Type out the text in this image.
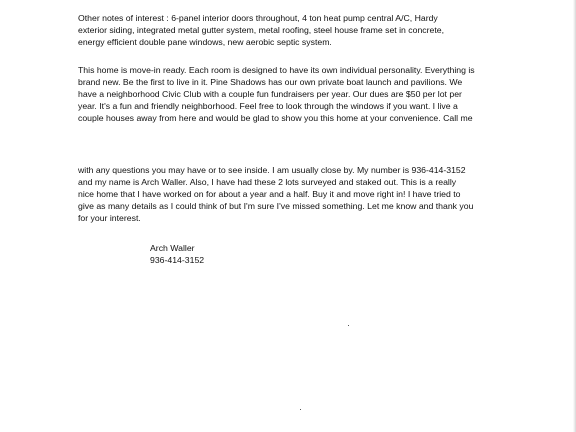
Other notes of interest : 6-panel interior doors throughout, 4 ton heat pump central A/C, Hardy
exterior siding, integrated metal gutter system, metal roofing, steel house frame set in concrete,
energy efficient double pane windows, new aerobic septic system.

This home is move-in ready. Each room is designed to have its own individual personality. Everything is
brand new. Be the first to live in it. Pine Shadows has our own private boat launch and pavilions. We
have a neighborhood Civic Club with a couple fun fundraisers per year. Our dues are $50 per lot per
year. It's a fun and friendly neighborhood. Feel free to look through the windows if you want. I live a
couple houses away from here and would be glad to show you this home at your convenience. Call me

with any questions you may have or to see inside. I am usually close by. My number is 936-414-3152
and my name is Arch Waller. Also, I have had these 2 lots surveyed and staked out. This is a really
nice home that I have worked on for about a year and a half. Buy it and move right in! I have tried to
give as many details as I could think of but I'm sure I've missed something. Let me know and thank you
for your interest.

Arch Waller
936-414-3152
